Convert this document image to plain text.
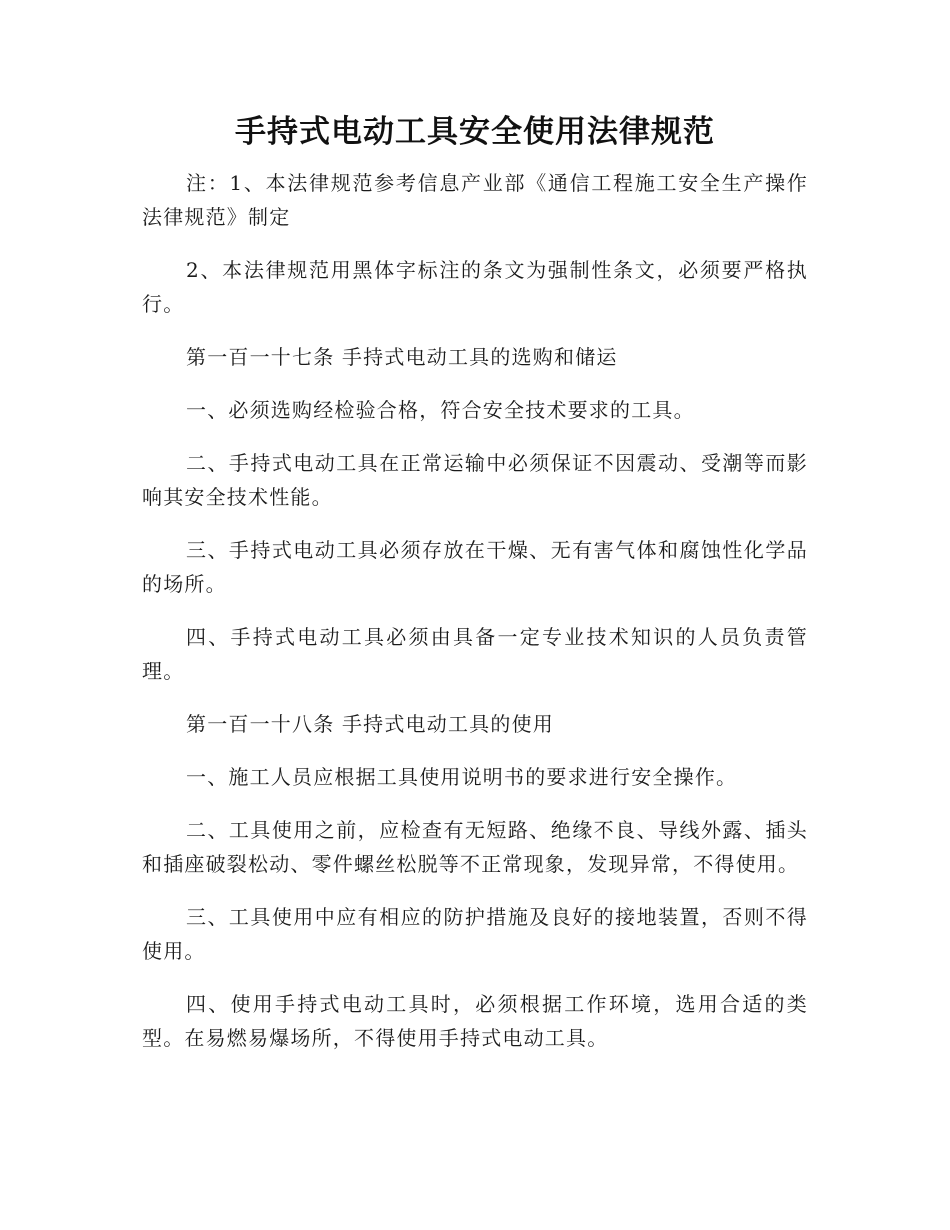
手持式电动工具安全使用法律规范

注：1、本法律规范参考信息产业部《通信工程施工安全生产操作法律规范》制定

2、本法律规范用黑体字标注的条文为强制性条文，必须要严格执行。

第一百一十七条 手持式电动工具的选购和储运

一、必须选购经检验合格，符合安全技术要求的工具。

二、手持式电动工具在正常运输中必须保证不因震动、受潮等而影响其安全技术性能。

三、手持式电动工具必须存放在干燥、无有害气体和腐蚀性化学品的场所。

四、手持式电动工具必须由具备一定专业技术知识的人员负责管理。

第一百一十八条 手持式电动工具的使用

一、施工人员应根据工具使用说明书的要求进行安全操作。

二、工具使用之前，应检查有无短路、绝缘不良、导线外露、插头和插座破裂松动、零件螺丝松脱等不正常现象，发现异常，不得使用。

三、工具使用中应有相应的防护措施及良好的接地装置，否则不得使用。

四、使用手持式电动工具时，必须根据工作环境，选用合适的类型。在易燃易爆场所，不得使用手持式电动工具。
